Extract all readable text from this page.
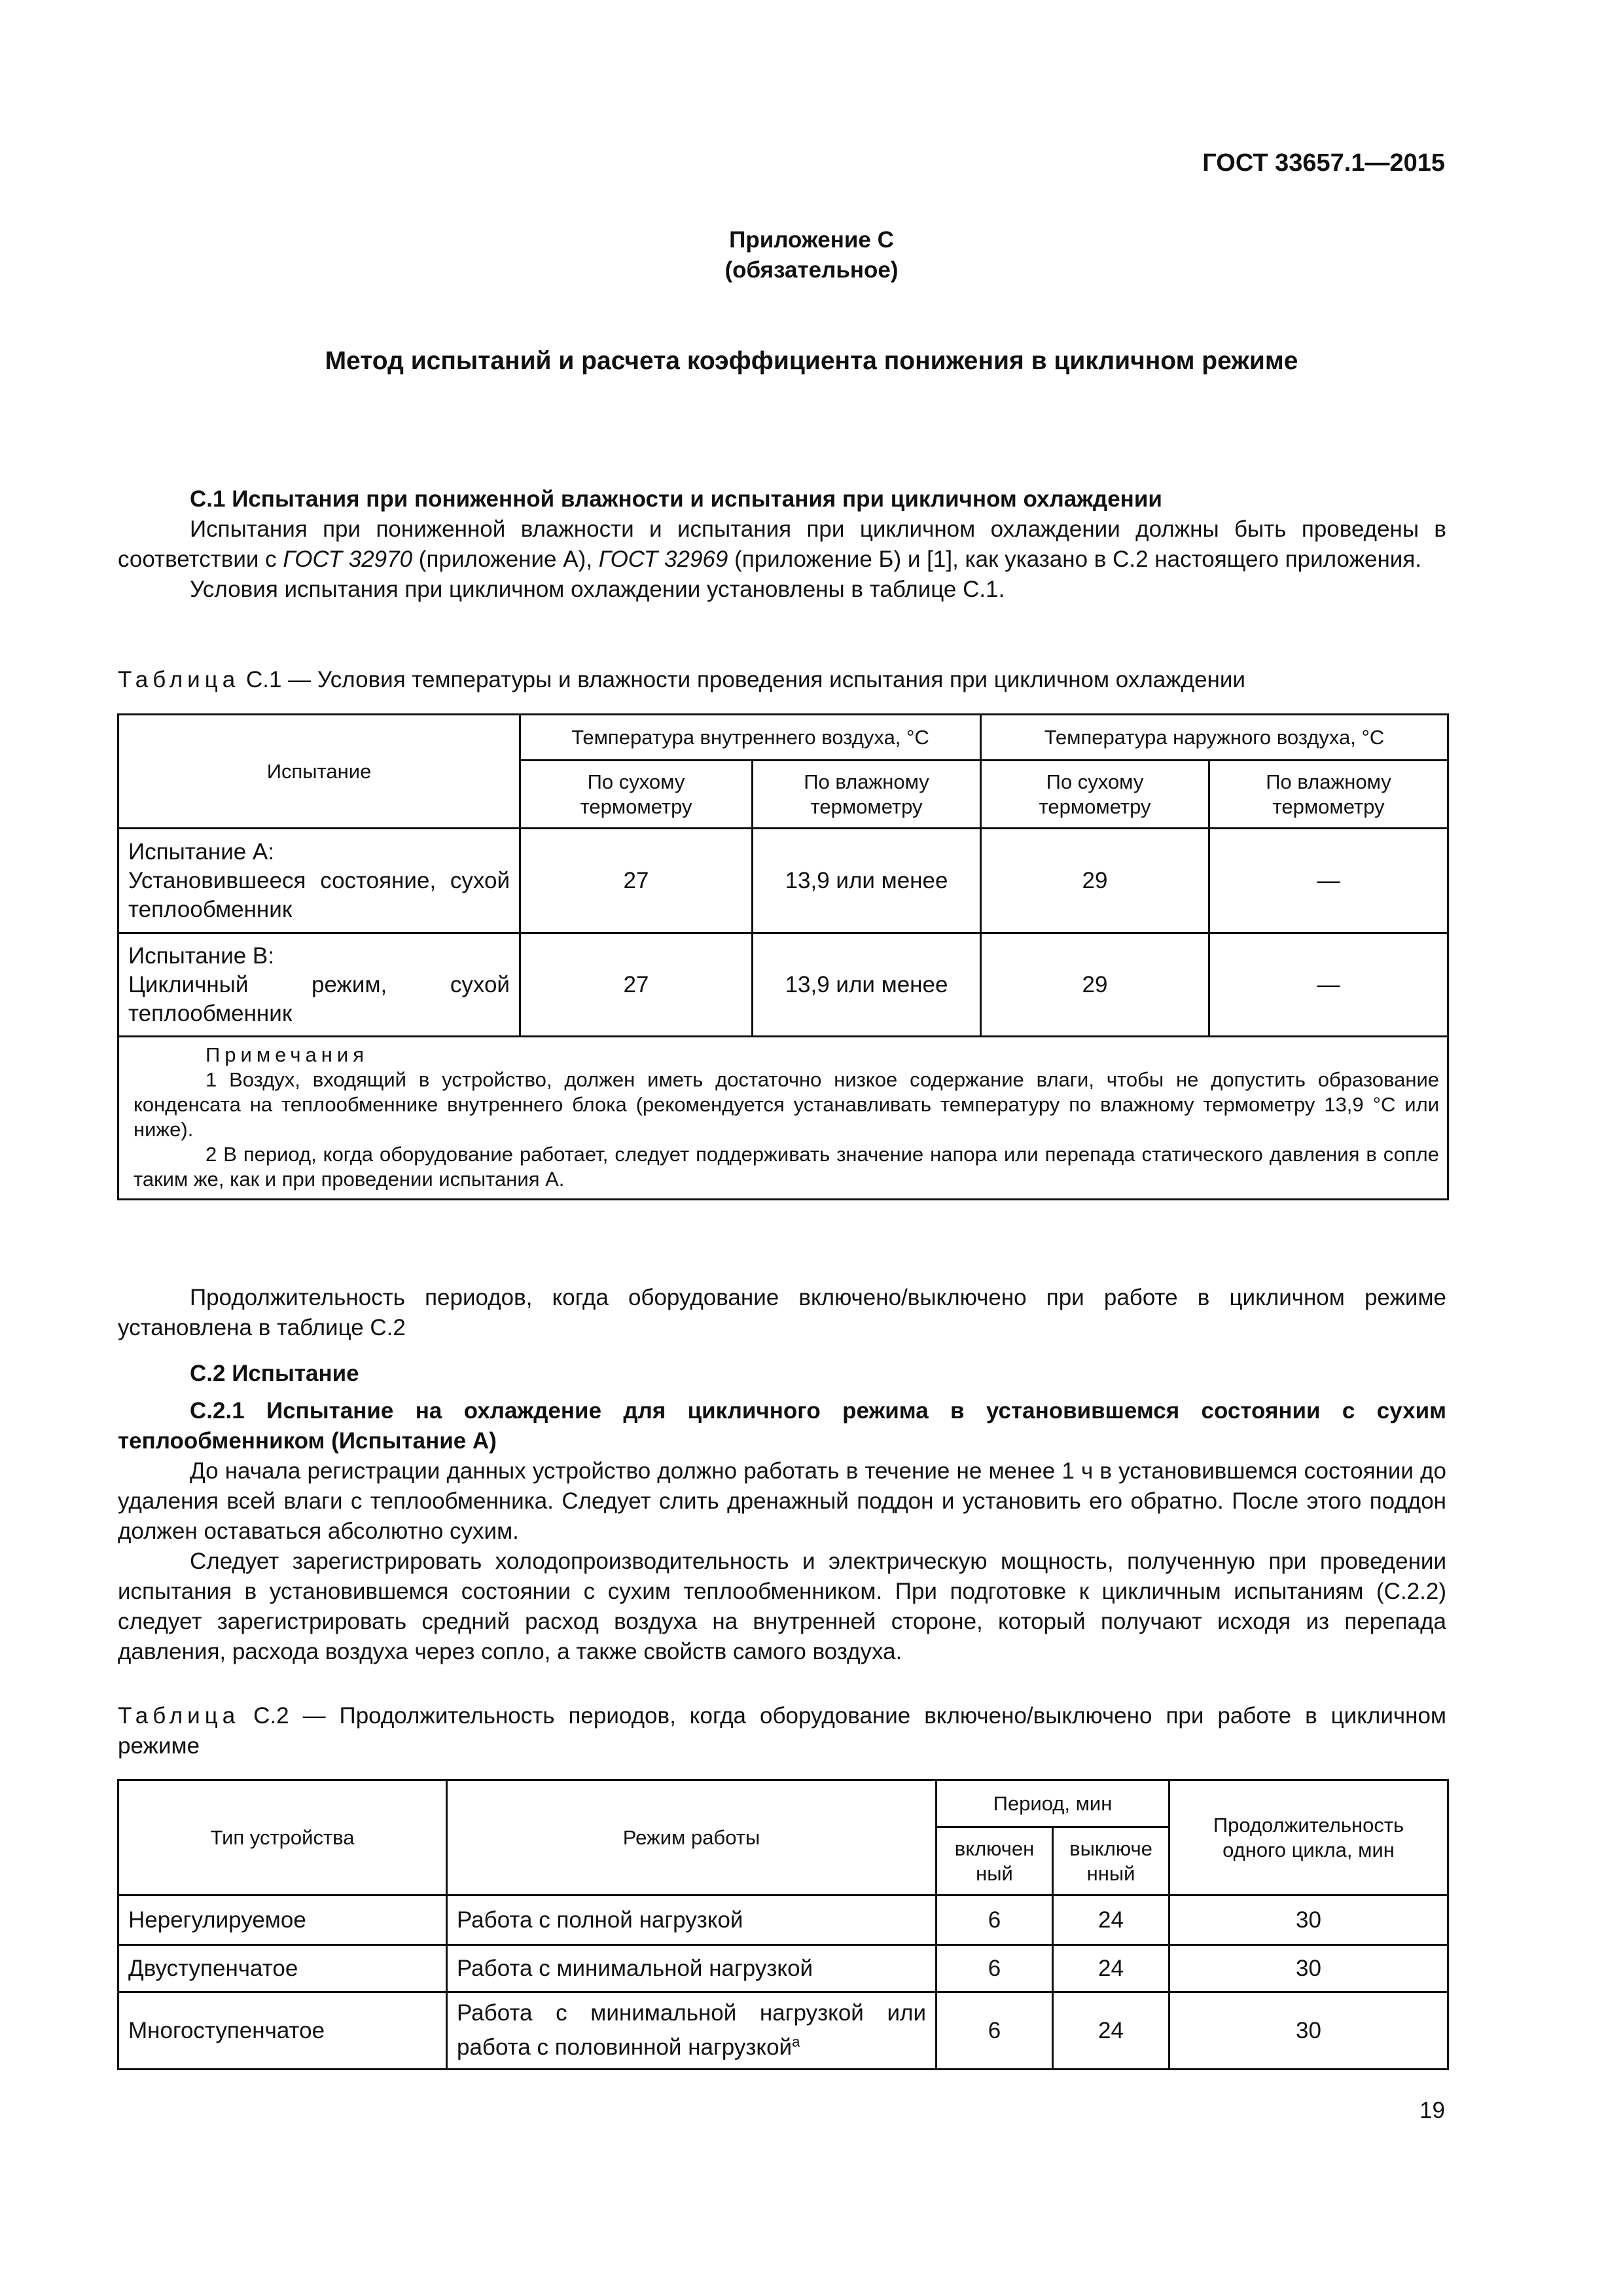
ГОСТ 33657.1—2015
Приложение С
(обязательное)
Метод испытаний и расчета коэффициента понижения в цикличном режиме

С.1 Испытания при пониженной влажности и испытания при цикличном охлаждении

Испытания при пониженной влажности и испытания при цикличном охлаждении должны быть проведены в соответствии с ГОСТ 32970 (приложение А), ГОСТ 32969 (приложение Б) и [1], как указано в С.2 настоящего приложения.

Условия испытания при цикличном охлаждении установлены в таблице С.1.

Таблица С.1 — Условия температуры и влажности проведения испытания при цикличном охлаждении

Испытание	Температура внутреннего воздуха, °С		Температура наружного воздуха, °С	
	По сухому термометру	По влажному термометру	По сухому термометру	По влажному термометру

Испытание А:
Установившееся состояние, сухой теплообменник	27	13,9 или менее	29	—

Испытание В:
Цикличный режим, сухой теплообменник	27	13,9 или менее	29	—

Примечания

1 Воздух, входящий в устройство, должен иметь достаточно низкое содержание влаги, чтобы не допустить образование конденсата на теплообменнике внутреннего блока (рекомендуется устанавливать температуру по влажному термометру 13,9 °С или ниже).

2 В период, когда оборудование работает, следует поддерживать значение напора или перепада статического давления в сопле таким же, как и при проведении испытания А.				

Продолжительность периодов, когда оборудование включено/выключено при работе в цикличном режиме установлена в таблице С.2

С.2 Испытание

С.2.1 Испытание на охлаждение для цикличного режима в установившемся состоянии с сухим теплообменником (Испытание А)

До начала регистрации данных устройство должно работать в течение не менее 1 ч в установившемся состоянии до удаления всей влаги с теплообменника. Следует слить дренажный поддон и установить его обратно. После этого поддон должен оставаться абсолютно сухим.

Следует зарегистрировать холодопроизводительность и электрическую мощность, полученную при проведении испытания в установившемся состоянии с сухим теплообменником. При подготовке к цикличным испытаниям (С.2.2) следует зарегистрировать средний расход воздуха на внутренней стороне, который получают исходя из перепада давления, расхода воздуха через сопло, а также свойств самого воздуха.

Таблица С.2 — Продолжительность периодов, когда оборудование включено/выключено при работе в цикличном режиме

Тип устройства	Режим работы	Период, мин		Продолжительность одного цикла, мин
		включенный	выключенный	
Нерегулируемое	Работа с полной нагрузкой	6	24	30
Двуступенчатое	Работа с минимальной нагрузкой	6	24	30
Многоступенчатое	Работа с минимальной нагрузкой или работа с половинной нагрузкой$^а$	6	24	30
19
